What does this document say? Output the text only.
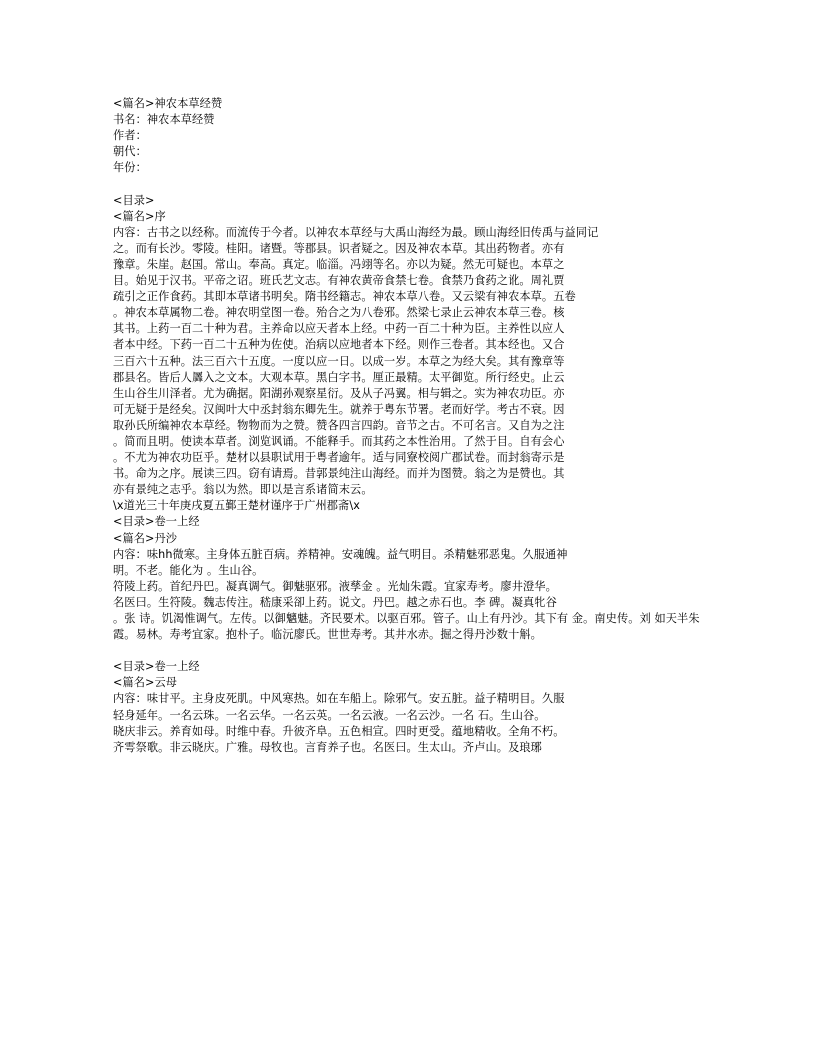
<篇名>神农本草经赞
书名：神农本草经赞
作者：
朝代：
年份：
<目录>
<篇名>序
内容：古书之以经称。而流传于今者。以神农本草经与大禹山海经为最。顾山海经旧传禹与益同记
之。而有长沙。零陵。桂阳。诸暨。等郡县。识者疑之。因及神农本草。其出药物者。亦有
豫章。朱崖。赵国。常山。奉高。真定。临淄。冯翊等名。亦以为疑。然无可疑也。本草之
目。始见于汉书。平帝之诏。班氏艺文志。有神农黄帝食禁七卷。食禁乃食药之讹。周礼贾
疏引之正作食药。其即本草诸书明矣。隋书经籍志。神农本草八卷。又云梁有神农本草。五卷
。神农本草属物二卷。神农明堂图一卷。殆合之为八卷邪。然梁七录止云神农本草三卷。核
其书。上药一百二十种为君。主养命以应天者本上经。中药一百二十种为臣。主养性以应人
者本中经。下药一百二十五种为佐使。治病以应地者本下经。则作三卷者。其本经也。又合
三百六十五种。法三百六十五度。一度以应一日。以成一岁。本草之为经大矣。其有豫章等
郡县名。皆后人羼入之文本。大观本草。黑白字书。厘正最精。太平御览。所行经史。止云
生山谷生川泽者。尤为确据。阳湖孙观察星衍。及从子冯翼。相与辑之。实为神农功臣。亦
可无疑于是经矣。汉闽叶大中丞封翁东卿先生。就养于粤东节署。老而好学。考古不衰。因
取孙氏所编神农本草经。物物而为之赞。赞各四言四韵。音节之古。不可名言。又自为之注
。简而且明。使读本草者。浏览讽诵。不能释手。而其药之本性治用。了然于目。自有会心
。不尤为神农功臣乎。楚材以县职试用于粤者逾年。适与同寮校阅广郡试卷。而封翁寄示是
书。命为之序。展读三四。窃有请焉。昔郭景纯注山海经。而并为图赞。翁之为是赞也。其
亦有景纯之志乎。翁以为然。即以是言系诸简末云。
\x道光三十年庚戌夏五鄞王楚材谨序于广州郡斋\x
<目录>卷一上经
<篇名>丹沙
内容：味hh微寒。主身体五脏百病。养精神。安魂魄。益气明目。杀精魅邪恶鬼。久服通神
明。不老。能化为 。生山谷。
符陵上药。首纪丹巴。凝真调气。御魅驱邪。液孳金 。光灿朱霞。宜家寿考。廖井澄华。
名医曰。生符陵。魏志传注。嵇康采卻上药。说文。丹巴。越之赤石也。李 碑。凝真牝谷
。张 诗。饥渴惟调气。左传。以御魑魅。齐民要术。以驱百邪。管子。山上有丹沙。其下有 金。南史传。刘 如天半朱霞。易林。寿考宜家。抱朴子。临沅廖氏。世世寿考。其井水赤。掘之得丹沙数十斛。
<目录>卷一上经
<篇名>云母
内容：味甘平。主身皮死肌。中风寒热。如在车船上。除邪气。安五脏。益子精明目。久服
轻身延年。一名云珠。一名云华。一名云英。一名云液。一名云沙。一名 石。生山谷。
晓庆非云。养育如母。时维中春。升彼齐阜。五色相宣。四时更受。蕴地精收。全角不朽。
齐雩祭歌。非云晓庆。广雅。母牧也。言育养子也。名医曰。生太山。齐卢山。及琅琊
